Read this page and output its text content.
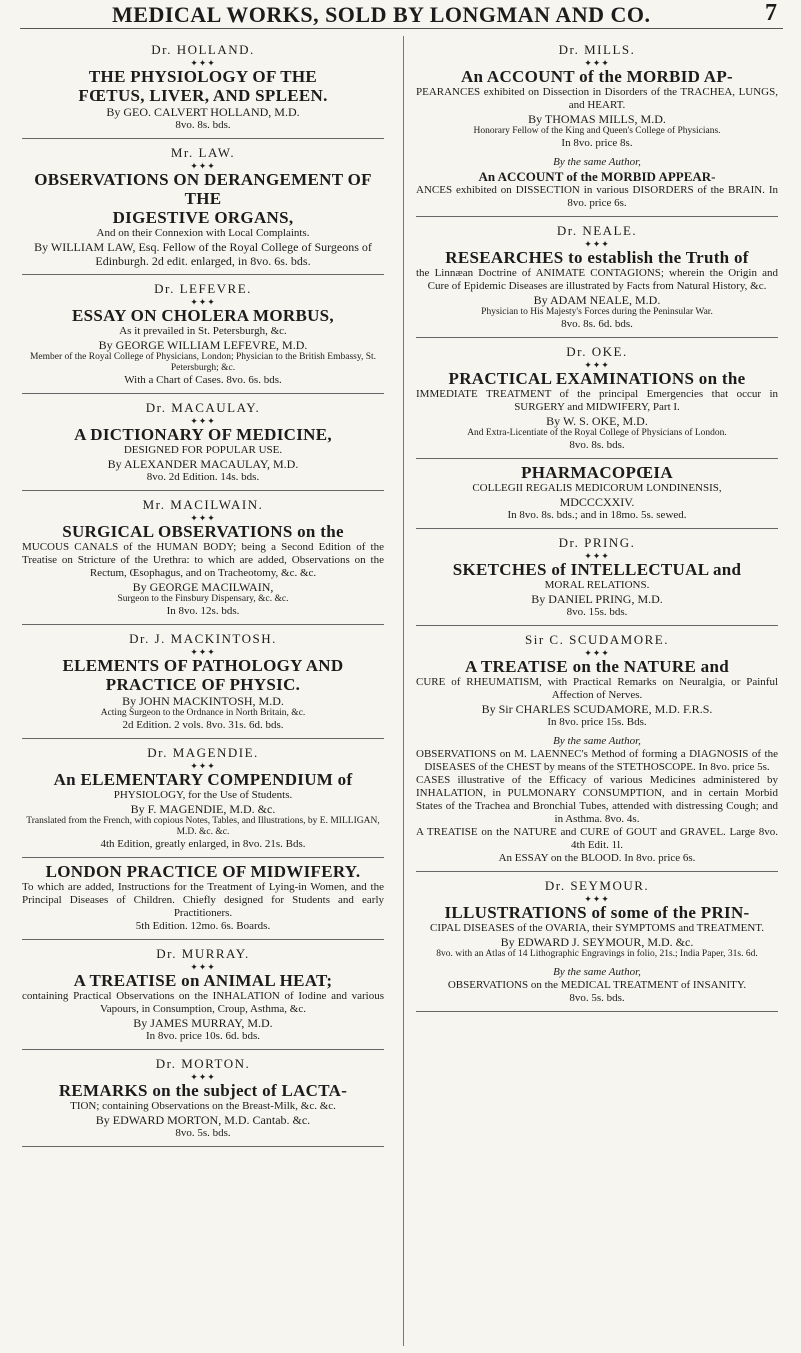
MEDICAL WORKS, SOLD BY LONGMAN AND CO.	7
Dr. HOLLAND.
✦✦✦
THE PHYSIOLOGY OF THE
FŒTUS, LIVER, AND SPLEEN.
By GEO. CALVERT HOLLAND, M.D.
8vo. 8s. bds.
Mr. LAW.
✦✦✦
OBSERVATIONS ON DERANGEMENT OF THE
DIGESTIVE ORGANS,
And on their Connexion with Local Complaints.
By WILLIAM LAW, Esq. Fellow of the Royal College of Surgeons of Edinburgh. 2d edit. enlarged, in 8vo. 6s. bds.
Dr. LEFEVRE.
✦✦✦
ESSAY ON CHOLERA MORBUS,
As it prevailed in St. Petersburgh, &c.
By GEORGE WILLIAM LEFEVRE, M.D.
Member of the Royal College of Physicians, London; Physician to the British Embassy, St. Petersburgh; &c.
With a Chart of Cases. 8vo. 6s. bds.
Dr. MACAULAY.
✦✦✦
A DICTIONARY OF MEDICINE,
DESIGNED FOR POPULAR USE.
By ALEXANDER MACAULAY, M.D.
8vo. 2d Edition. 14s. bds.
Mr. MACILWAIN.
✦✦✦
SURGICAL OBSERVATIONS on the
MUCOUS CANALS of the HUMAN BODY; being a Second Edition of the Treatise on Stricture of the Urethra: to which are added, Observations on the Rectum, Œsophagus, and on Tracheotomy, &c. &c.
By GEORGE MACILWAIN,
Surgeon to the Finsbury Dispensary, &c. &c.
In 8vo. 12s. bds.
Dr. J. MACKINTOSH.
✦✦✦
ELEMENTS OF PATHOLOGY AND
PRACTICE OF PHYSIC.
By JOHN MACKINTOSH, M.D.
Acting Surgeon to the Ordnance in North Britain, &c.
2d Edition. 2 vols. 8vo. 31s. 6d. bds.
Dr. MAGENDIE.
✦✦✦
An ELEMENTARY COMPENDIUM of
PHYSIOLOGY, for the Use of Students.
By F. MAGENDIE, M.D. &c.
Translated from the French, with copious Notes, Tables, and Illustrations, by E. MILLIGAN, M.D. &c. &c.
4th Edition, greatly enlarged, in 8vo. 21s. Bds.
LONDON PRACTICE OF MIDWIFERY.
To which are added, Instructions for the Treatment of Lying-in Women, and the Principal Diseases of Children. Chiefly designed for Students and early Practitioners.
5th Edition. 12mo. 6s. Boards.
Dr. MURRAY.
✦✦✦
A TREATISE on ANIMAL HEAT;
containing Practical Observations on the INHALATION of Iodine and various Vapours, in Consumption, Croup, Asthma, &c.
By JAMES MURRAY, M.D.
In 8vo. price 10s. 6d. bds.
Dr. MORTON.
✦✦✦
REMARKS on the subject of LACTA-
TION; containing Observations on the Breast-Milk, &c. &c.
By EDWARD MORTON, M.D. Cantab. &c.
8vo. 5s. bds.
Dr. MILLS.
✦✦✦
An ACCOUNT of the MORBID AP-
PEARANCES exhibited on Dissection in Disorders of the TRACHEA, LUNGS, and HEART.
By THOMAS MILLS, M.D.
Honorary Fellow of the King and Queen's College of Physicians.
In 8vo. price 8s.
By the same Author,
An ACCOUNT of the MORBID APPEAR-
ANCES exhibited on DISSECTION in various DISORDERS of the BRAIN. In 8vo. price 6s.
Dr. NEALE.
✦✦✦
RESEARCHES to establish the Truth of
the Linnæan Doctrine of ANIMATE CONTAGIONS; wherein the Origin and Cure of Epidemic Diseases are illustrated by Facts from Natural History, &c.
By ADAM NEALE, M.D.
Physician to His Majesty's Forces during the Peninsular War.
8vo. 8s. 6d. bds.
Dr. OKE.
✦✦✦
PRACTICAL EXAMINATIONS on the
IMMEDIATE TREATMENT of the principal Emergencies that occur in SURGERY and MIDWIFERY, Part I.
By W. S. OKE, M.D.
And Extra-Licentiate of the Royal College of Physicians of London.
8vo. 8s. bds.
PHARMACOPŒIA
COLLEGII REGALIS MEDICORUM LONDINENSIS,
MDCCCXXIV.
In 8vo. 8s. bds.; and in 18mo. 5s. sewed.
Dr. PRING.
✦✦✦
SKETCHES of INTELLECTUAL and
MORAL RELATIONS.
By DANIEL PRING, M.D.
8vo. 15s. bds.
Sir C. SCUDAMORE.
✦✦✦
A TREATISE on the NATURE and
CURE of RHEUMATISM, with Practical Remarks on Neuralgia, or Painful Affection of Nerves.
By Sir CHARLES SCUDAMORE, M.D. F.R.S.
In 8vo. price 15s. Bds.
By the same Author,
OBSERVATIONS on M. LAENNEC's Method of forming a DIAGNOSIS of the DISEASES of the CHEST by means of the STETHOSCOPE. In 8vo. price 5s.
CASES illustrative of the Efficacy of various Medicines administered by INHALATION, in PULMONARY CONSUMPTION, and in certain Morbid States of the Trachea and Bronchial Tubes, attended with distressing Cough; and in Asthma. 8vo. 4s.
A TREATISE on the NATURE and CURE of GOUT and GRAVEL. Large 8vo. 4th Edit. 1l.
An ESSAY on the BLOOD. In 8vo. price 6s.
Dr. SEYMOUR.
✦✦✦
ILLUSTRATIONS of some of the PRIN-
CIPAL DISEASES of the OVARIA, their SYMPTOMS and TREATMENT.
By EDWARD J. SEYMOUR, M.D. &c.
8vo. with an Atlas of 14 Lithographic Engravings in folio, 21s.; India Paper, 31s. 6d.
By the same Author,
OBSERVATIONS on the MEDICAL TREATMENT of INSANITY.
8vo. 5s. bds.
